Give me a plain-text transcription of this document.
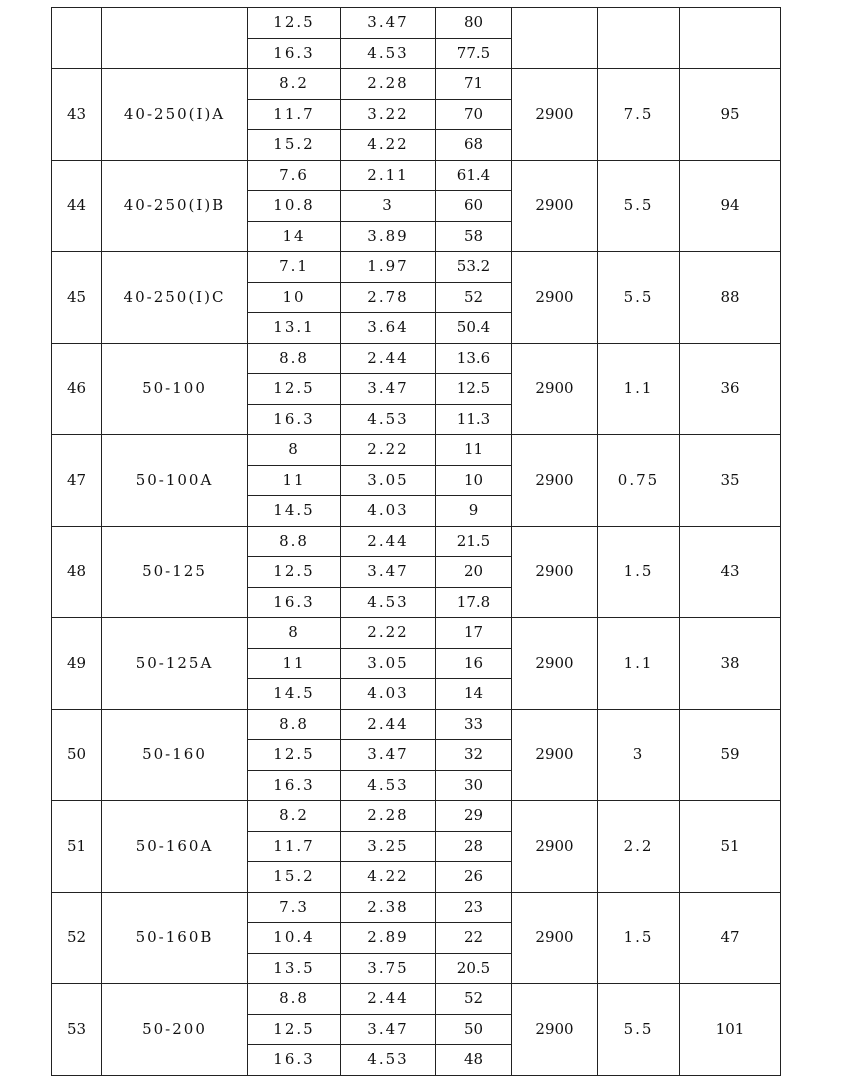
		12.5	3.47	80			
		16.3	4.53	77.5			
43	40-250(I)A	8.2	2.28	71	2900	7.5	95
		11.7	3.22	70			
		15.2	4.22	68			
44	40-250(I)B	7.6	2.11	61.4	2900	5.5	94
		10.8	3	60			
		14	3.89	58			
45	40-250(I)C	7.1	1.97	53.2	2900	5.5	88
		10	2.78	52			
		13.1	3.64	50.4			
46	50-100	8.8	2.44	13.6	2900	1.1	36
		12.5	3.47	12.5			
		16.3	4.53	11.3			
47	50-100A	8	2.22	11	2900	0.75	35
		11	3.05	10			
		14.5	4.03	9			
48	50-125	8.8	2.44	21.5	2900	1.5	43
		12.5	3.47	20			
		16.3	4.53	17.8			
49	50-125A	8	2.22	17	2900	1.1	38
		11	3.05	16			
		14.5	4.03	14			
50	50-160	8.8	2.44	33	2900	3	59
		12.5	3.47	32			
		16.3	4.53	30			
51	50-160A	8.2	2.28	29	2900	2.2	51
		11.7	3.25	28			
		15.2	4.22	26			
52	50-160B	7.3	2.38	23	2900	1.5	47
		10.4	2.89	22			
		13.5	3.75	20.5			
53	50-200	8.8	2.44	52	2900	5.5	101
		12.5	3.47	50			
		16.3	4.53	48			
